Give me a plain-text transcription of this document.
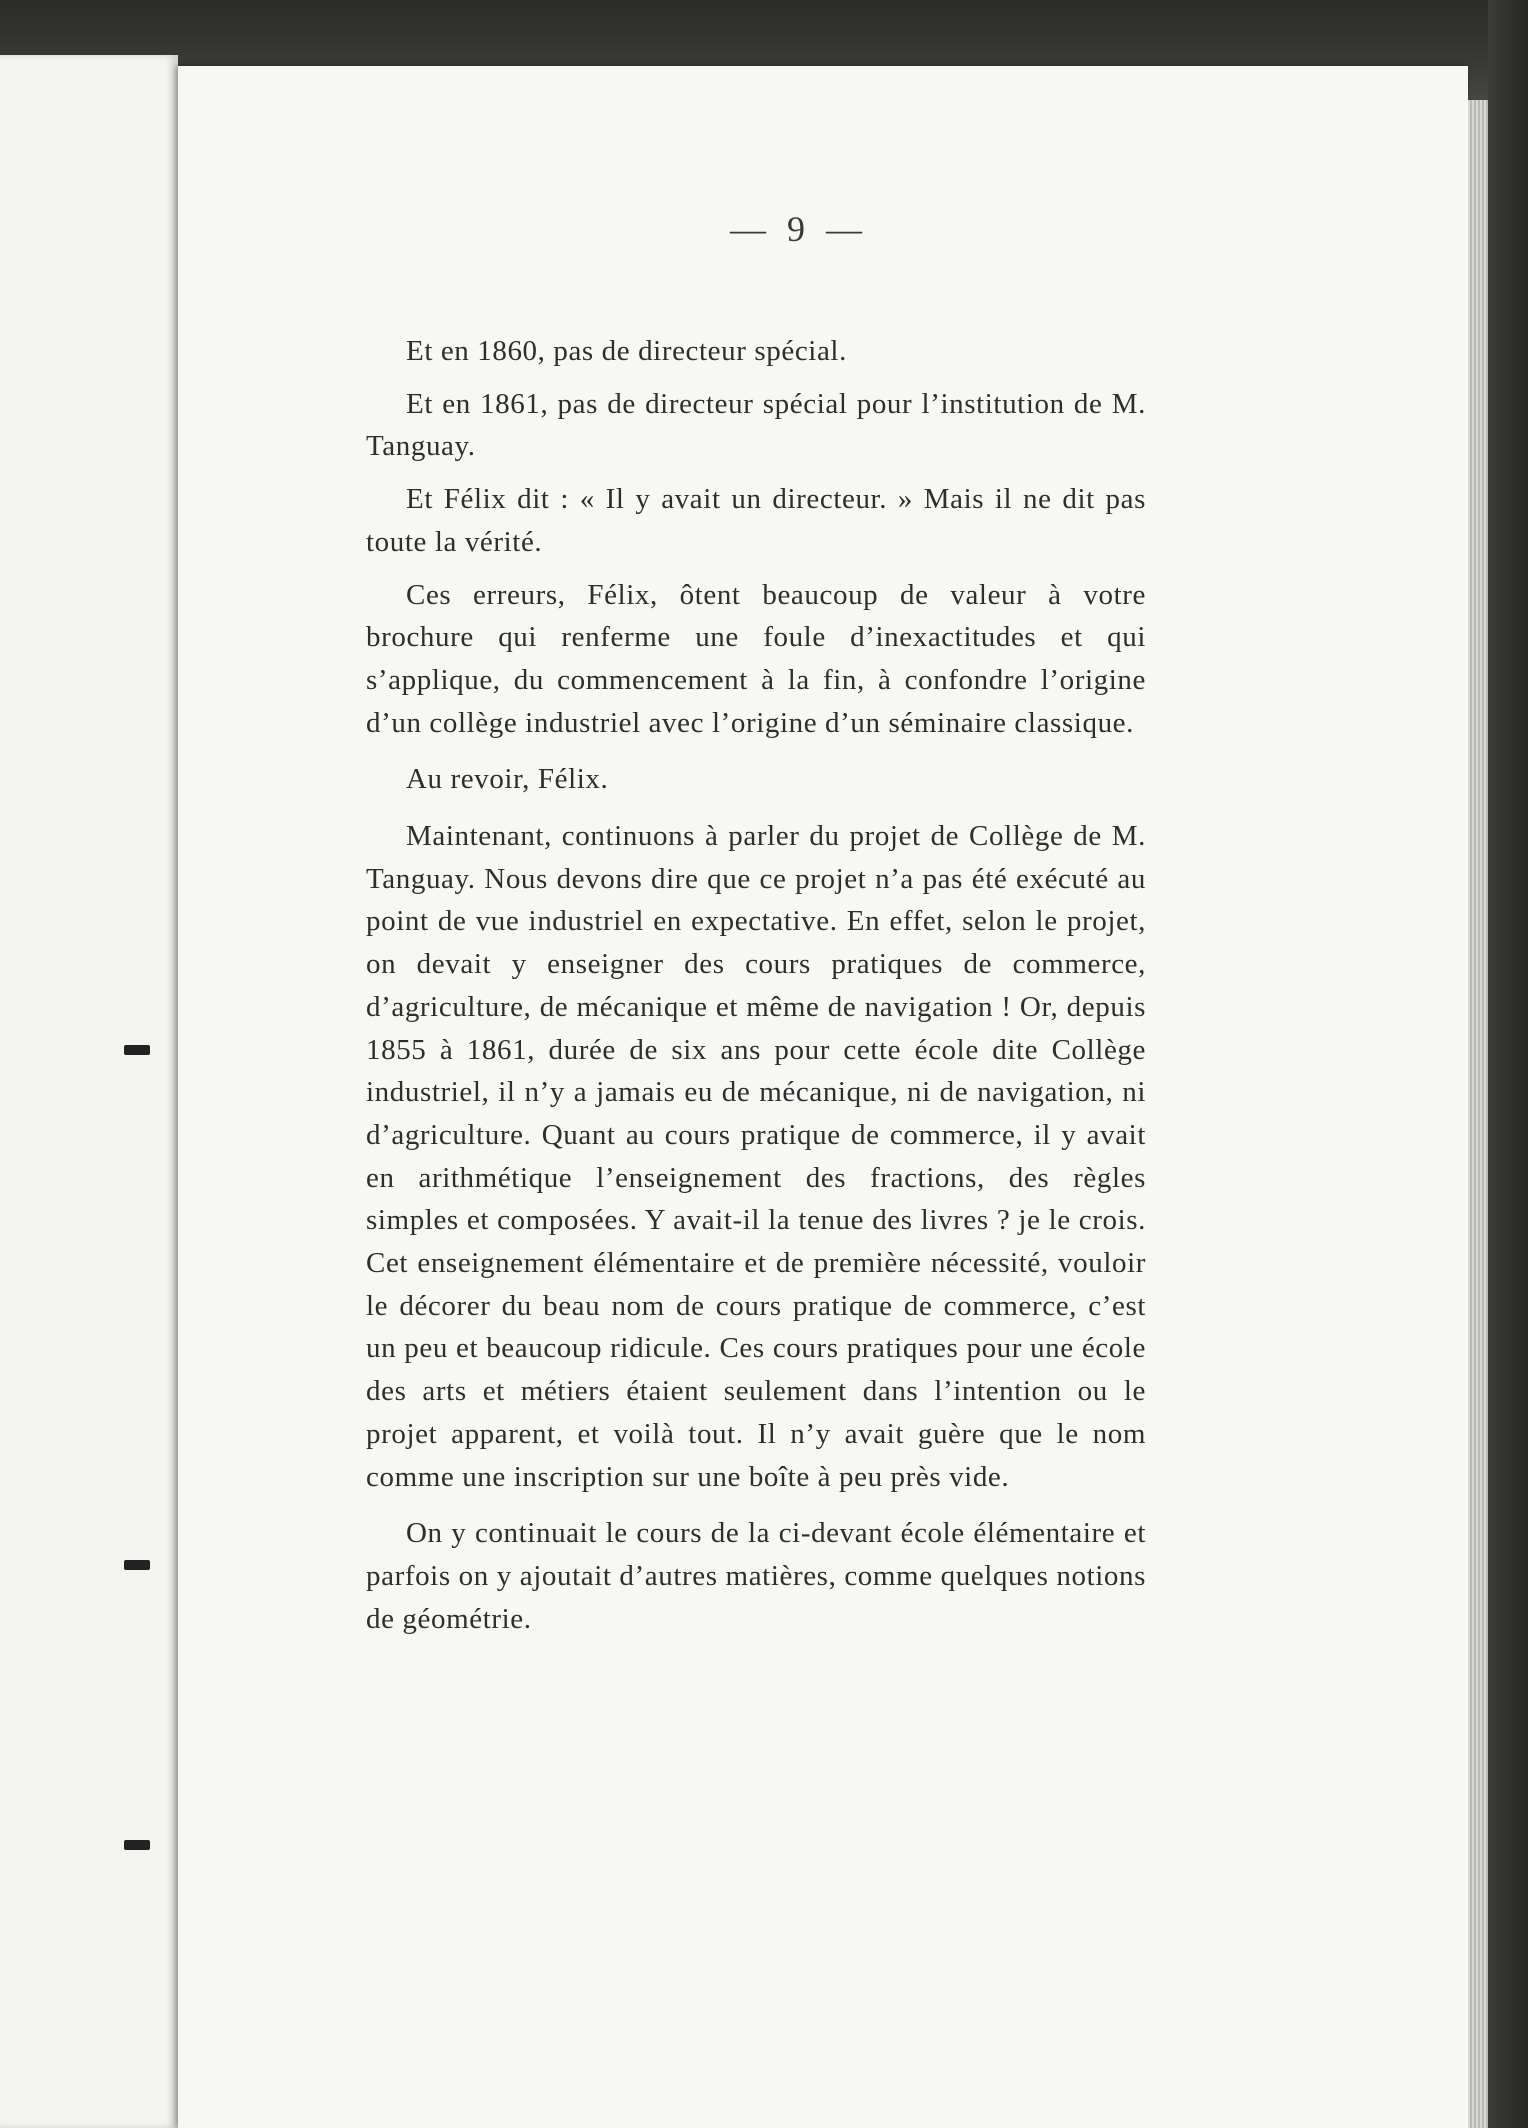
— 9 —

Et en 1860, pas de directeur spécial.

Et en 1861, pas de directeur spécial pour l’institution de M. Tanguay.

Et Félix dit : « Il y avait un directeur. » Mais il ne dit pas toute la vérité.

Ces erreurs, Félix, ôtent beaucoup de valeur à votre brochure qui renferme une foule d’inexactitudes et qui s’applique, du commencement à la fin, à confondre l’origine d’un collège industriel avec l’origine d’un séminaire classique.

Au revoir, Félix.

Maintenant, continuons à parler du projet de Collège de M. Tanguay. Nous devons dire que ce projet n’a pas été exécuté au point de vue industriel en expectative. En effet, selon le projet, on devait y enseigner des cours pratiques de commerce, d’agriculture, de mécanique et même de navigation ! Or, depuis 1855 à 1861, durée de six ans pour cette école dite Collège industriel, il n’y a jamais eu de mécanique, ni de navigation, ni d’agriculture. Quant au cours pratique de commerce, il y avait en arithmétique l’enseignement des fractions, des règles simples et composées. Y avait-il la tenue des livres ? je le crois. Cet enseignement élémentaire et de première nécessité, vouloir le décorer du beau nom de cours pratique de commerce, c’est un peu et beaucoup ridicule. Ces cours pratiques pour une école des arts et métiers étaient seulement dans l’intention ou le projet apparent, et voilà tout. Il n’y avait guère que le nom comme une inscription sur une boîte à peu près vide.

On y continuait le cours de la ci-devant école élémentaire et parfois on y ajoutait d’autres matières, comme quelques notions de géométrie.
